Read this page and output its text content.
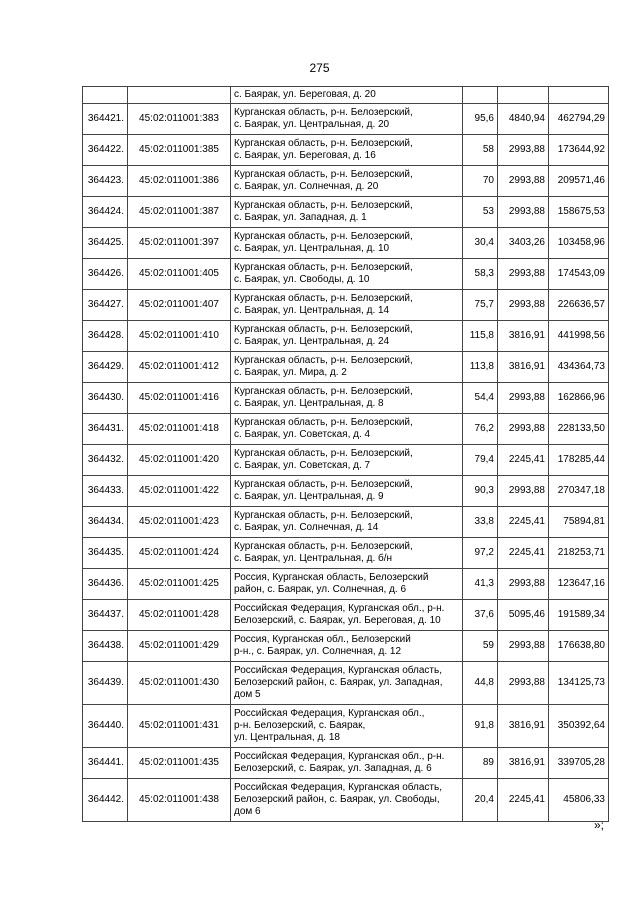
275
		с. Баярак, ул. Береговая, д. 20			
364421.	45:02:011001:383	Курганская область, р-н. Белозерский,
с. Баярак, ул. Центральная, д. 20	95,6	4840,94	462794,29
364422.	45:02:011001:385	Курганская область, р-н. Белозерский,
с. Баярак, ул. Береговая, д. 16	58	2993,88	173644,92
364423.	45:02:011001:386	Курганская область, р-н. Белозерский,
с. Баярак, ул. Солнечная, д. 20	70	2993,88	209571,46
364424.	45:02:011001:387	Курганская область, р-н. Белозерский,
с. Баярак, ул. Западная, д. 1	53	2993,88	158675,53
364425.	45:02:011001:397	Курганская область, р-н. Белозерский,
с. Баярак, ул. Центральная, д. 10	30,4	3403,26	103458,96
364426.	45:02:011001:405	Курганская область, р-н. Белозерский,
с. Баярак, ул. Свободы, д. 10	58,3	2993,88	174543,09
364427.	45:02:011001:407	Курганская область, р-н. Белозерский,
с. Баярак, ул. Центральная, д. 14	75,7	2993,88	226636,57
364428.	45:02:011001:410	Курганская область, р-н. Белозерский,
с. Баярак, ул. Центральная, д. 24	115,8	3816,91	441998,56
364429.	45:02:011001:412	Курганская область, р-н. Белозерский,
с. Баярак, ул. Мира, д. 2	113,8	3816,91	434364,73
364430.	45:02:011001:416	Курганская область, р-н. Белозерский,
с. Баярак, ул. Центральная, д. 8	54,4	2993,88	162866,96
364431.	45:02:011001:418	Курганская область, р-н. Белозерский,
с. Баярак, ул. Советская, д. 4	76,2	2993,88	228133,50
364432.	45:02:011001:420	Курганская область, р-н. Белозерский,
с. Баярак, ул. Советская, д. 7	79,4	2245,41	178285,44
364433.	45:02:011001:422	Курганская область, р-н. Белозерский,
с. Баярак, ул. Центральная, д. 9	90,3	2993,88	270347,18
364434.	45:02:011001:423	Курганская область, р-н. Белозерский,
с. Баярак, ул. Солнечная, д. 14	33,8	2245,41	75894,81
364435.	45:02:011001:424	Курганская область, р-н. Белозерский,
с. Баярак, ул. Центральная, д. б/н	97,2	2245,41	218253,71
364436.	45:02:011001:425	Россия, Курганская область, Белозерский
район, с. Баярак, ул. Солнечная, д. 6	41,3	2993,88	123647,16
364437.	45:02:011001:428	Российская Федерация, Курганская обл., р-н.
Белозерский, с. Баярак, ул. Береговая, д. 10	37,6	5095,46	191589,34
364438.	45:02:011001:429	Россия, Курганская обл., Белозерский
р-н., с. Баярак, ул. Солнечная, д. 12	59	2993,88	176638,80
364439.	45:02:011001:430	Российская Федерация, Курганская область,
Белозерский район, с. Баярак, ул. Западная,
дом 5	44,8	2993,88	134125,73
364440.	45:02:011001:431	Российская Федерация, Курганская обл.,
р-н. Белозерский, с. Баярак,
ул. Центральная, д. 18	91,8	3816,91	350392,64
364441.	45:02:011001:435	Российская Федерация, Курганская обл., р-н.
Белозерский, с. Баярак, ул. Западная, д. 6	89	3816,91	339705,28
364442.	45:02:011001:438	Российская Федерация, Курганская область,
Белозерский район, с. Баярак, ул. Свободы,
дом 6	20,4	2245,41	45806,33
»;
